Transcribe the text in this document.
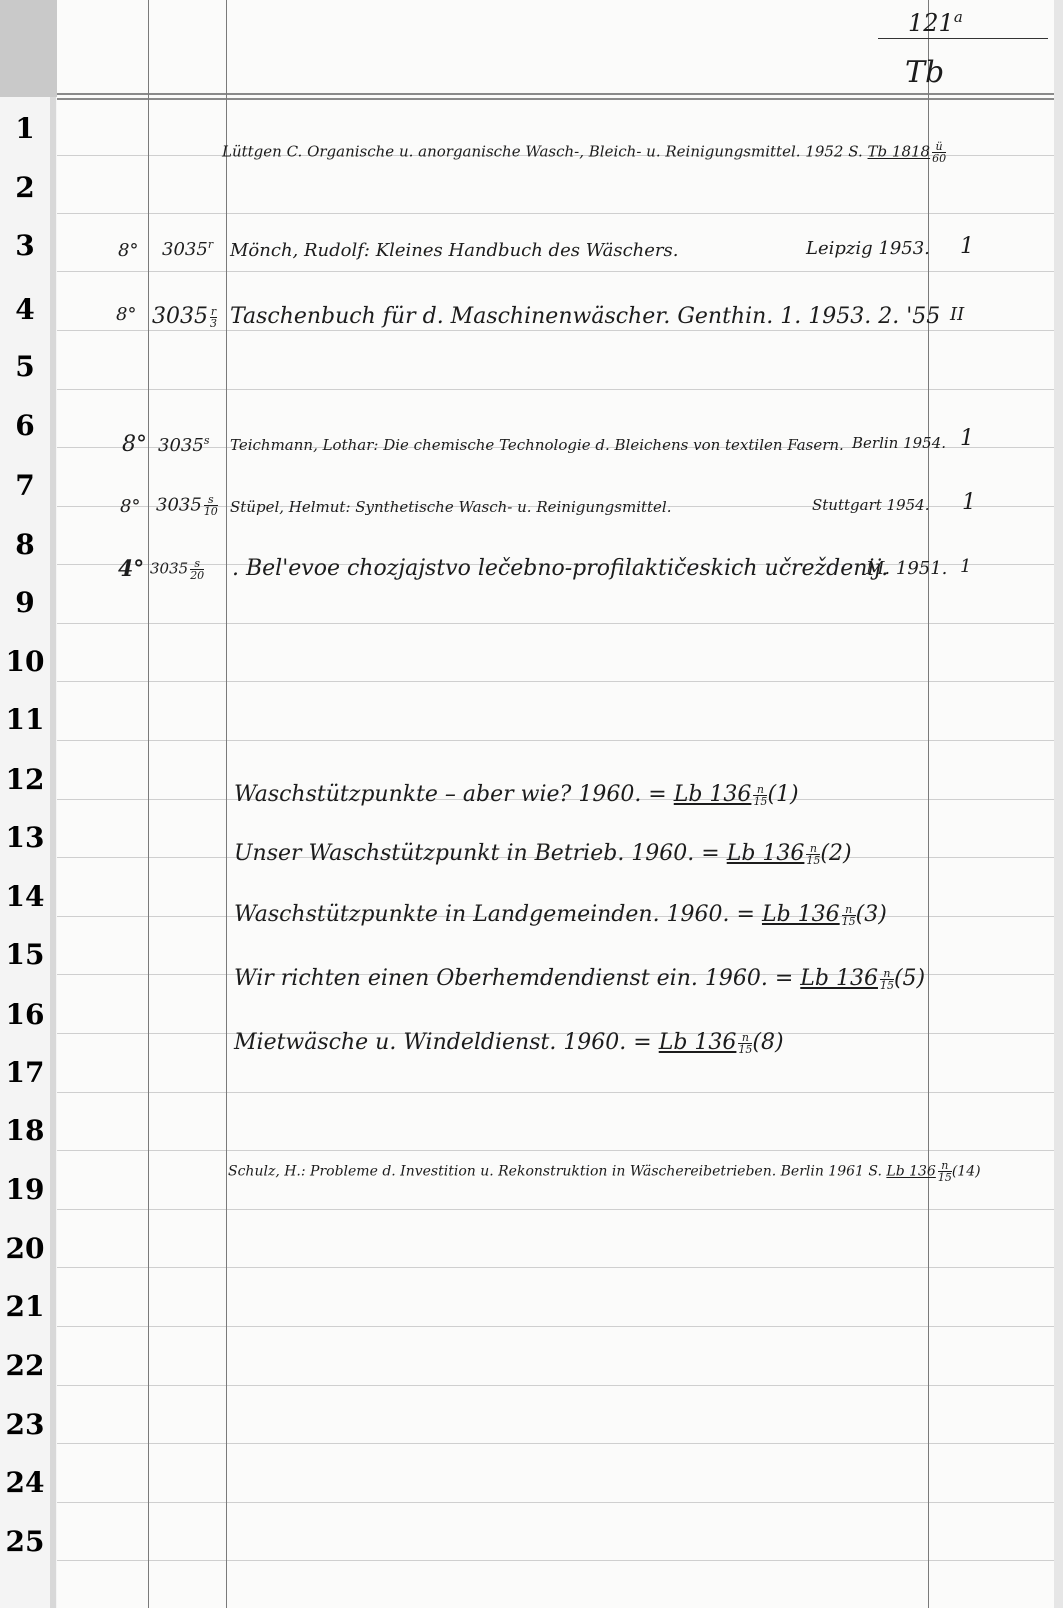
121$^a$
Tb
1
2
3
4
5
6
7
8
9
10
11
12
13
14
15
16
17
18
19
20
21
22
23
24
25
Lüttgen C. Organische u. anorganische Wasch-, Bleich- u. Reinigungsmittel. 1952 S. Tb $1818 \frac{ü}{60}$
8° 3035$^r$ Mönch, Rudolf: Kleines Handbuch des Wäschers.	Leipzig 1953. 1
8° $3035 \frac{r}{3}$ Taschenbuch für d. Maschinenwäscher. Genthin. 1. 1953. 2. '55 II
8° 3035$^s$ Teichmann, Lothar: Die chemische Technologie d. Bleichens von textilen Fasern. Berlin 1954. 1
8° $3035 \frac{s}{10}$ Stüpel, Helmut: Synthetische Wasch- u. Reinigungsmittel.	Stuttgart 1954. 1
4° $3035 \frac{s}{20}$ . Bel'evoe chozjajstvo lečebno-profilaktičeskich učreždenij.
M. 1951. 1
Waschstützpunkte – aber wie? 1960. = Lb $136 \frac{n}{15} (1)$
Unser Waschstützpunkt in Betrieb. 1960. = Lb $136 \frac{n}{15} (2)$
Waschstützpunkte in Landgemeinden. 1960. = Lb $136 \frac{n}{15} (3)$
Wir richten einen Oberhemdendienst ein. 1960. = Lb $136 \frac{n}{15} (5)$
Mietwäsche u. Windeldienst. 1960. = Lb $136 \frac{n}{15} (8)$
Schulz, H.: Probleme d. Investition u. Rekonstruktion in Wäschereibetrieben. Berlin 1961 S. Lb $136 \frac{n}{15} (14)$
